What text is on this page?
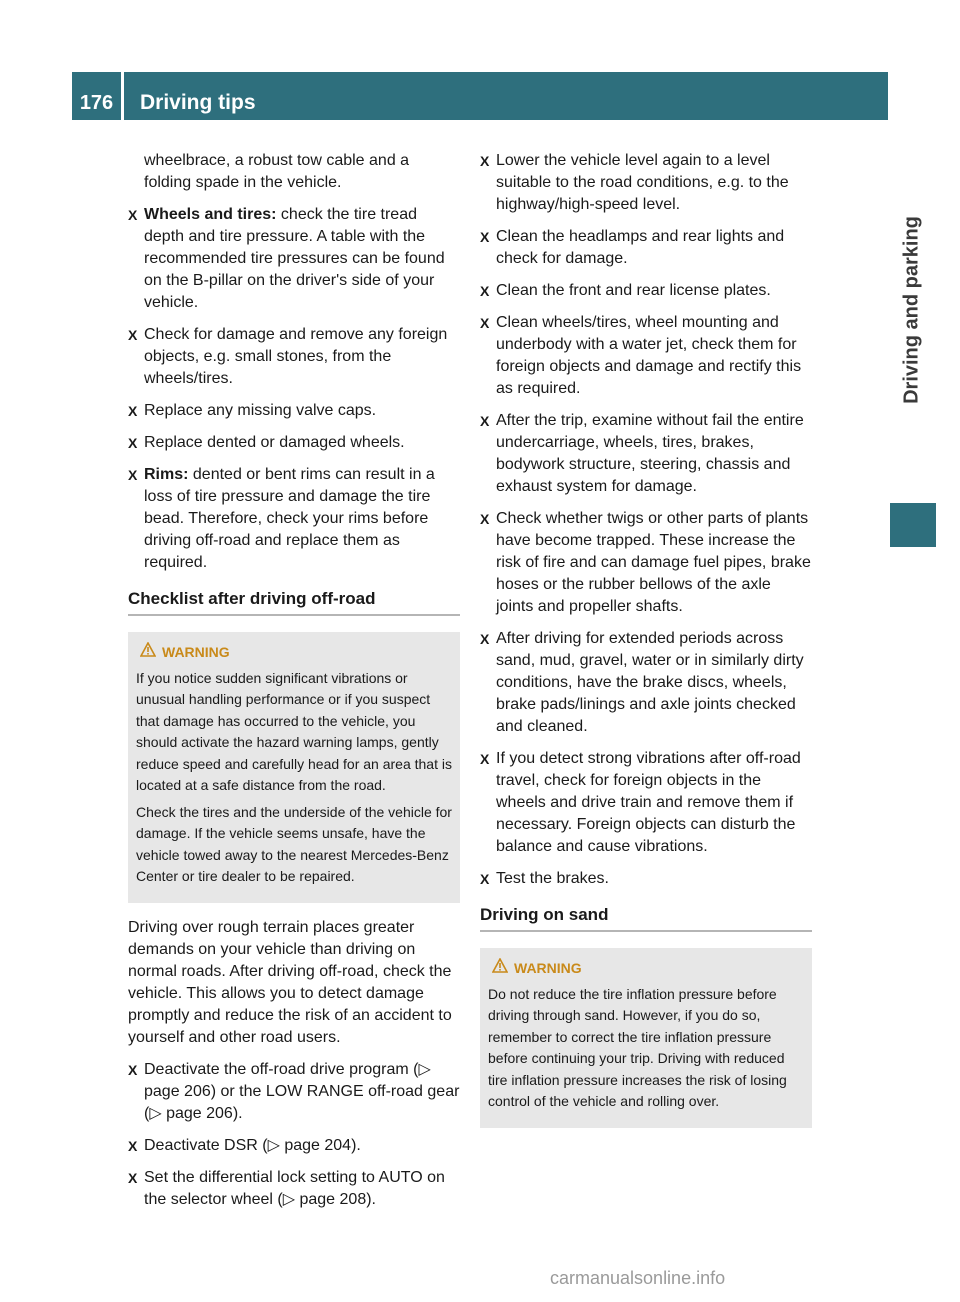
176	Driving tips
Driving and parking

wheelbrace, a robust tow cable and a folding spade in the vehicle.

X Wheels and tires: check the tire tread depth and tire pressure. A table with the recommended tire pressures can be found on the B-pillar on the driver's side of your vehicle.
X Check for damage and remove any foreign objects, e.g. small stones, from the wheels/tires.
X Replace any missing valve caps.
X Replace dented or damaged wheels.
X Rims: dented or bent rims can result in a loss of tire pressure and damage the tire bead. Therefore, check your rims before driving off-road and replace them as required.
Checklist after driving off-road
WARNING

If you notice sudden significant vibrations or unusual handling performance or if you suspect that damage has occurred to the vehicle, you should activate the hazard warning lamps, gently reduce speed and carefully head for an area that is located at a safe distance from the road.

Check the tires and the underside of the vehicle for damage. If the vehicle seems unsafe, have the vehicle towed away to the nearest Mercedes-Benz Center or tire dealer to be repaired.

Driving over rough terrain places greater demands on your vehicle than driving on normal roads. After driving off-road, check the vehicle. This allows you to detect damage promptly and reduce the risk of an accident to yourself and other road users.

X Deactivate the off-road drive program (▷ page 206) or the LOW RANGE off-road gear (▷ page 206).
X Deactivate DSR (▷ page 204).
X Set the differential lock setting to AUTO on the selector wheel (▷ page 208).
X Lower the vehicle level again to a level suitable to the road conditions, e.g. to the highway/high-speed level.
X Clean the headlamps and rear lights and check for damage.
X Clean the front and rear license plates.
X Clean wheels/tires, wheel mounting and underbody with a water jet, check them for foreign objects and damage and rectify this as required.
X After the trip, examine without fail the entire undercarriage, wheels, tires, brakes, bodywork structure, steering, chassis and exhaust system for damage.
X Check whether twigs or other parts of plants have become trapped. These increase the risk of fire and can damage fuel pipes, brake hoses or the rubber bellows of the axle joints and propeller shafts.
X After driving for extended periods across sand, mud, gravel, water or in similarly dirty conditions, have the brake discs, wheels, brake pads/linings and axle joints checked and cleaned.
X If you detect strong vibrations after off-road travel, check for foreign objects in the wheels and drive train and remove them if necessary. Foreign objects can disturb the balance and cause vibrations.
X Test the brakes.
Driving on sand
WARNING

Do not reduce the tire inflation pressure before driving through sand. However, if you do so, remember to correct the tire inflation pressure before continuing your trip. Driving with reduced tire inflation pressure increases the risk of losing control of the vehicle and rolling over.

carmanualsonline.info
